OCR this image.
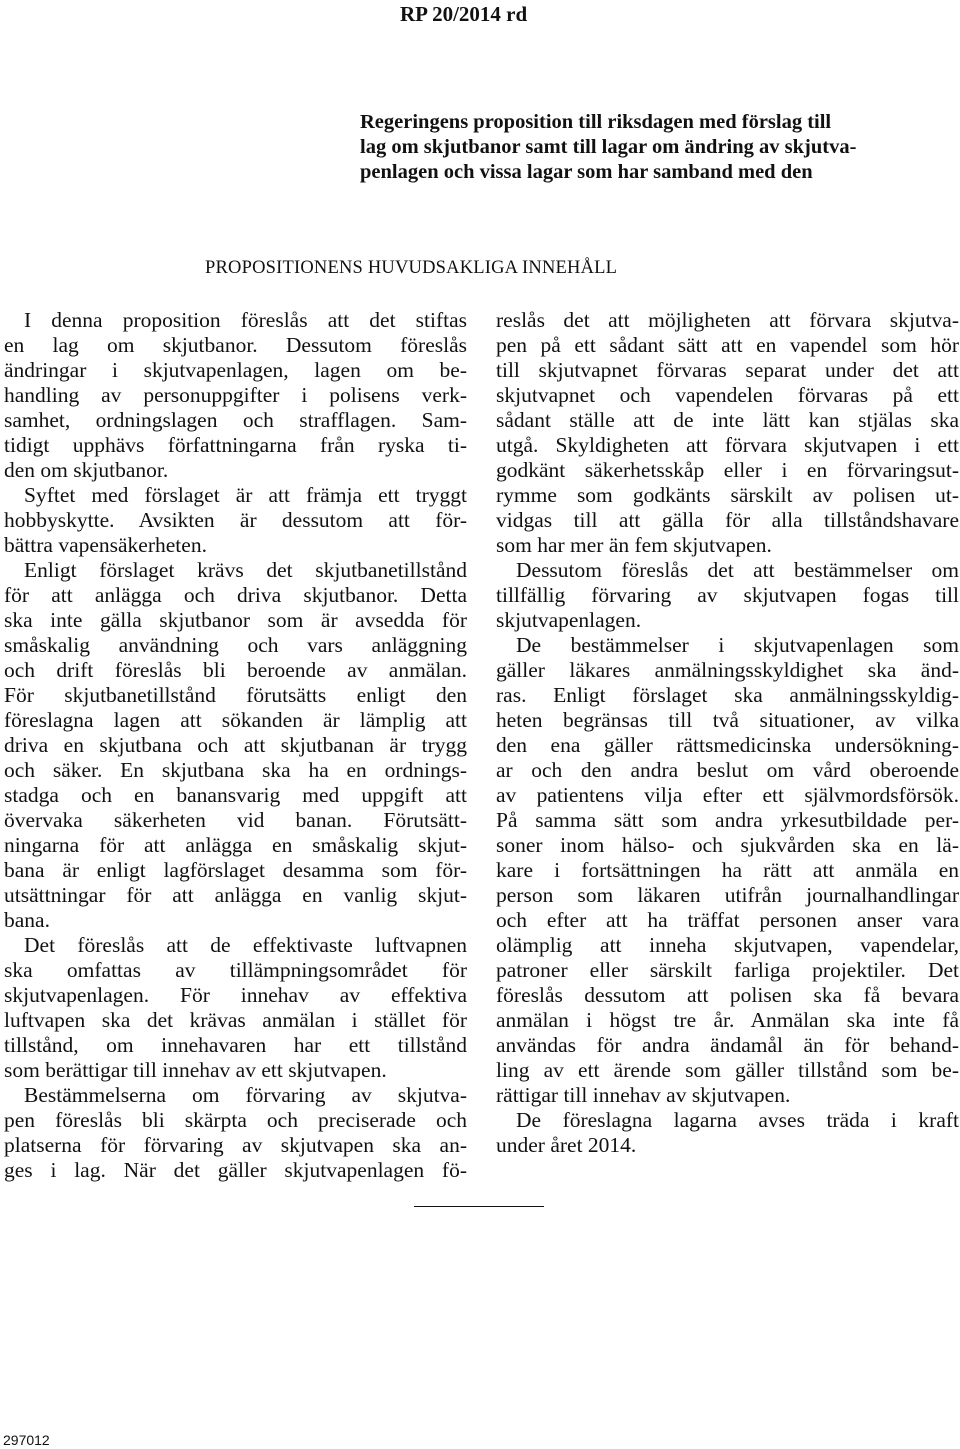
RP 20/2014 rd
Regeringens proposition till riksdagen med förslag till
lag om skjutbanor samt till lagar om ändring av skjutva-
penlagen och vissa lagar som har samband med den
PROPOSITIONENS HUVUDSAKLIGA INNEHÅLL
I denna proposition föreslås att det stiftas
en lag om skjutbanor. Dessutom föreslås
ändringar i skjutvapenlagen, lagen om be-
handling av personuppgifter i polisens verk-
samhet, ordningslagen och strafflagen. Sam-
tidigt upphävs författningarna från ryska ti-
den om skjutbanor.
Syftet med förslaget är att främja ett tryggt
hobbyskytte. Avsikten är dessutom att för-
bättra vapensäkerheten.
Enligt förslaget krävs det skjutbanetillstånd
för att anlägga och driva skjutbanor. Detta
ska inte gälla skjutbanor som är avsedda för
småskalig användning och vars anläggning
och drift föreslås bli beroende av anmälan.
För skjutbanetillstånd förutsätts enligt den
föreslagna lagen att sökanden är lämplig att
driva en skjutbana och att skjutbanan är trygg
och säker. En skjutbana ska ha en ordnings-
stadga och en banansvarig med uppgift att
övervaka säkerheten vid banan. Förutsätt-
ningarna för att anlägga en småskalig skjut-
bana är enligt lagförslaget desamma som för-
utsättningar för att anlägga en vanlig skjut-
bana.
Det föreslås att de effektivaste luftvapnen
ska omfattas av tillämpningsområdet för
skjutvapenlagen. För innehav av effektiva
luftvapen ska det krävas anmälan i stället för
tillstånd, om innehavaren har ett tillstånd
som berättigar till innehav av ett skjutvapen.
Bestämmelserna om förvaring av skjutva-
pen föreslås bli skärpta och preciserade och
platserna för förvaring av skjutvapen ska an-
ges i lag. När det gäller skjutvapenlagen fö-
reslås det att möjligheten att förvara skjutva-
pen på ett sådant sätt att en vapendel som hör
till skjutvapnet förvaras separat under det att
skjutvapnet och vapendelen förvaras på ett
sådant ställe att de inte lätt kan stjälas ska
utgå. Skyldigheten att förvara skjutvapen i ett
godkänt säkerhetsskåp eller i en förvaringsut-
rymme som godkänts särskilt av polisen ut-
vidgas till att gälla för alla tillståndshavare
som har mer än fem skjutvapen.
Dessutom föreslås det att bestämmelser om
tillfällig förvaring av skjutvapen fogas till
skjutvapenlagen.
De bestämmelser i skjutvapenlagen som
gäller läkares anmälningsskyldighet ska änd-
ras. Enligt förslaget ska anmälningsskyldig-
heten begränsas till två situationer, av vilka
den ena gäller rättsmedicinska undersökning-
ar och den andra beslut om vård oberoende
av patientens vilja efter ett självmordsförsök.
På samma sätt som andra yrkesutbildade per-
soner inom hälso- och sjukvården ska en lä-
kare i fortsättningen ha rätt att anmäla en
person som läkaren utifrån journalhandlingar
och efter att ha träffat personen anser vara
olämplig att inneha skjutvapen, vapendelar,
patroner eller särskilt farliga projektiler. Det
föreslås dessutom att polisen ska få bevara
anmälan i högst tre år. Anmälan ska inte få
användas för andra ändamål än för behand-
ling av ett ärende som gäller tillstånd som be-
rättigar till innehav av skjutvapen.
De föreslagna lagarna avses träda i kraft
under året 2014.
297012
